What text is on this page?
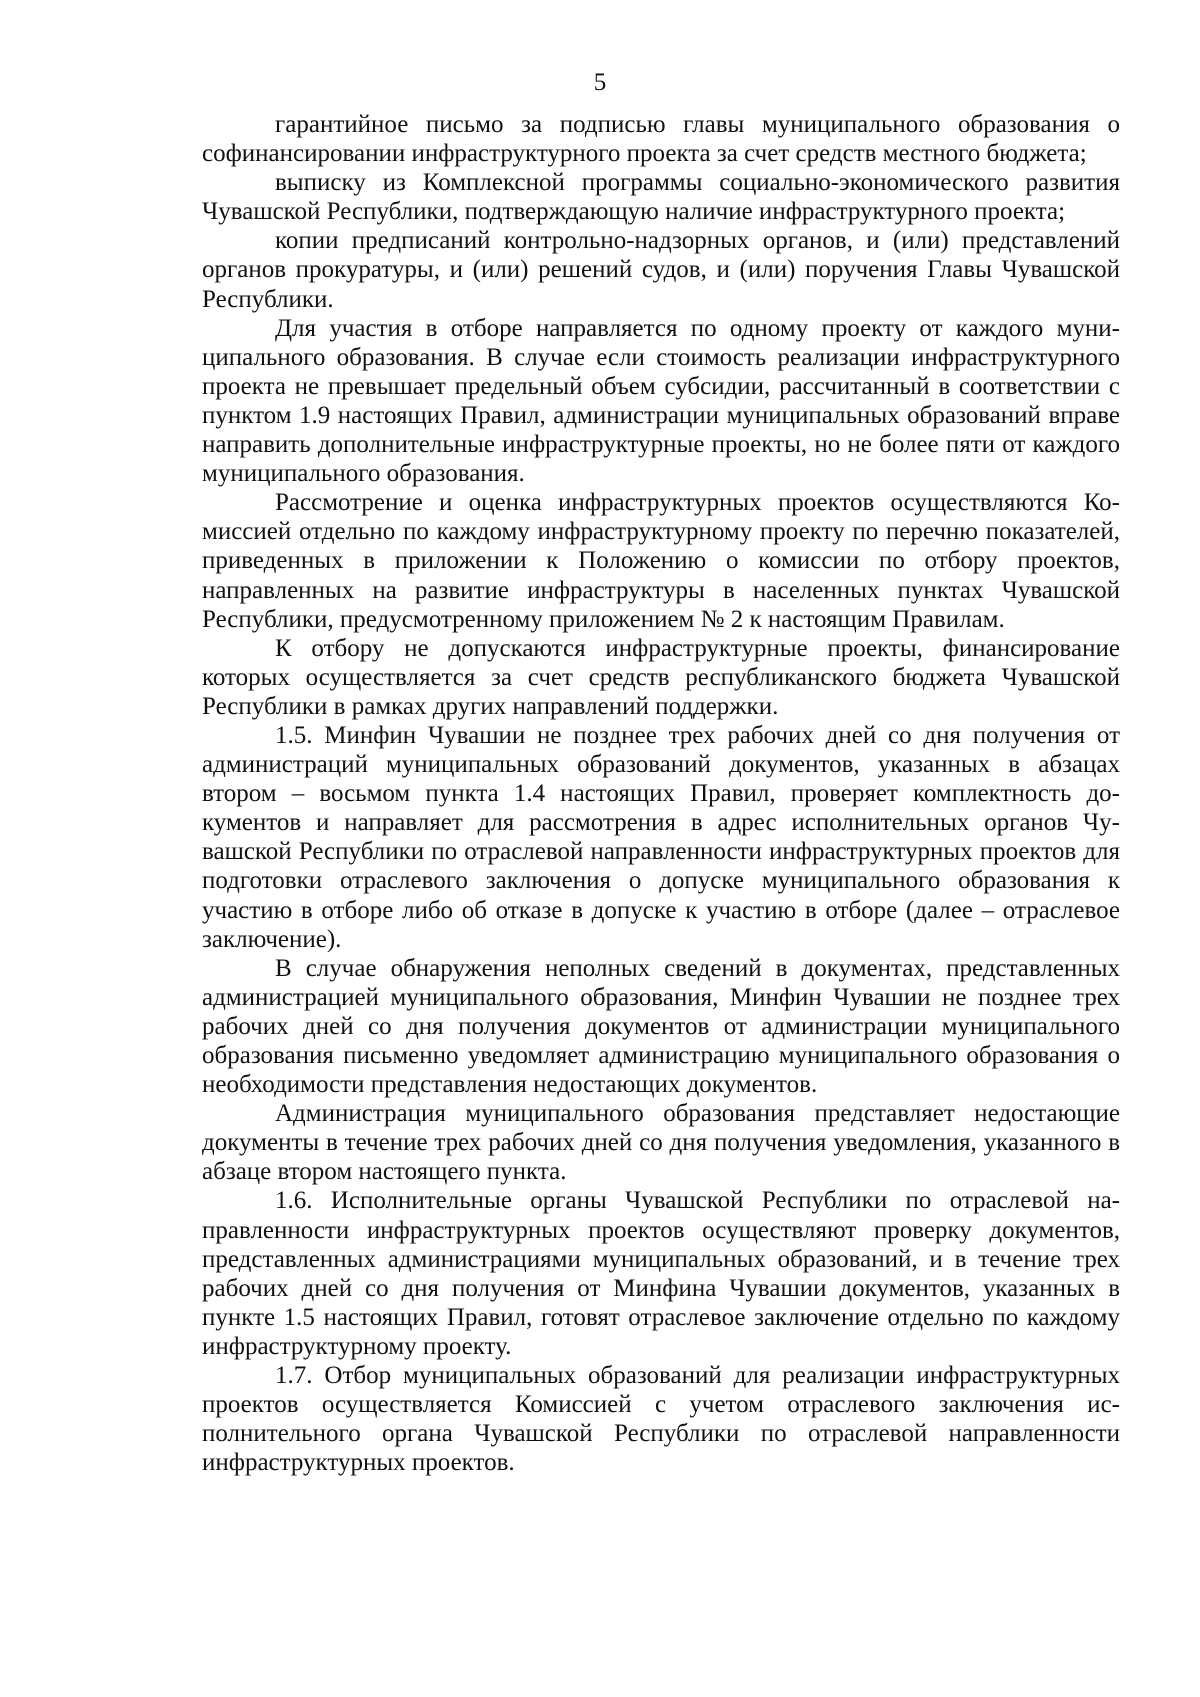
5

гарантийное письмо за подписью главы муниципального образования о софинансировании инфраструктурного проекта за счет средств местного бюджета;

выписку из Комплексной программы социально-экономического развития Чувашской Республики, подтверждающую наличие инфраструктурного проекта;

копии предписаний контрольно-надзорных органов, и (или) представлений органов прокуратуры, и (или) решений судов, и (или) поручения Главы Чувашской Республики.

Для участия в отборе направляется по одному проекту от каждого муниципального образования. В случае если стоимость реализации инфраструктурного проекта не превышает предельный объем субсидии, рассчитанный в соответствии с пунктом 1.9 настоящих Правил, администрации муниципальных образований вправе направить дополнительные инфраструктурные проекты, но не более пяти от каждого муниципального образования.

Рассмотрение и оценка инфраструктурных проектов осуществляются Комиссией отдельно по каждому инфраструктурному проекту по перечню показателей, приведенных в приложении к Положению о комиссии по отбору проектов, направленных на развитие инфраструктуры в населенных пунктах Чувашской Республики, предусмотренному приложением № 2 к настоящим Правилам.

К отбору не допускаются инфраструктурные проекты, финансирование которых осуществляется за счет средств республиканского бюджета Чувашской Республики в рамках других направлений поддержки.

1.5. Минфин Чувашии не позднее трех рабочих дней со дня получения от администраций муниципальных образований документов, указанных в абзацах втором – восьмом пункта 1.4 настоящих Правил, проверяет комплектность документов и направляет для рассмотрения в адрес исполнительных органов Чувашской Республики по отраслевой направленности инфраструктурных проектов для подготовки отраслевого заключения о допуске муниципального образования к участию в отборе либо об отказе в допуске к участию в отборе (далее – отраслевое заключение).

В случае обнаружения неполных сведений в документах, представленных администрацией муниципального образования, Минфин Чувашии не позднее трех рабочих дней со дня получения документов от администрации муниципального образования письменно уведомляет администрацию муниципального образования о необходимости представления недостающих документов.

Администрация муниципального образования представляет недостающие документы в течение трех рабочих дней со дня получения уведомления, указанного в абзаце втором настоящего пункта.

1.6. Исполнительные органы Чувашской Республики по отраслевой направленности инфраструктурных проектов осуществляют проверку документов, представленных администрациями муниципальных образований, и в течение трех рабочих дней со дня получения от Минфина Чувашии документов, указанных в пункте 1.5 настоящих Правил, готовят отраслевое заключение отдельно по каждому инфраструктурному проекту.

1.7. Отбор муниципальных образований для реализации инфраструктурных проектов осуществляется Комиссией с учетом отраслевого заключения исполнительного органа Чувашской Республики по отраслевой направленности инфраструктурных проектов.
